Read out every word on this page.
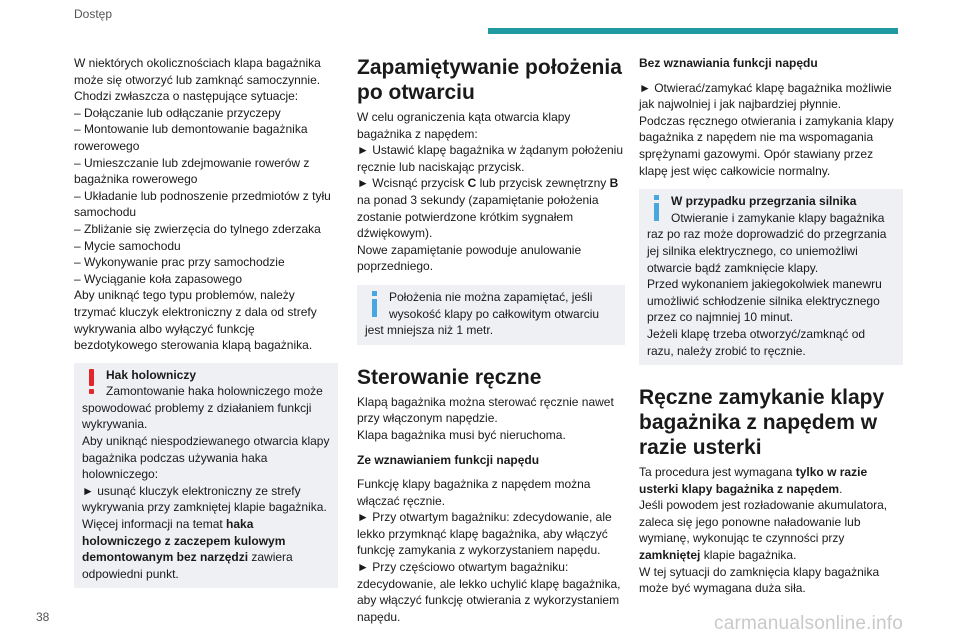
Dostęp

W niektórych okolicznościach klapa bagażnika może się otworzyć lub zamknąć samoczynnie. Chodzi zwłaszcza o następujące sytuacje:

– Dołączanie lub odłączanie przyczepy

– Montowanie lub demontowanie bagażnika rowerowego

– Umieszczanie lub zdejmowanie rowerów z bagażnika rowerowego

– Układanie lub podnoszenie przedmiotów z tyłu samochodu

– Zbliżanie się zwierzęcia do tylnego zderzaka

– Mycie samochodu

– Wykonywanie prac przy samochodzie

– Wyciąganie koła zapasowego

Aby uniknąć tego typu problemów, należy trzymać kluczyk elektroniczny z dala od strefy wykrywania albo wyłączyć funkcję bezdotykowego sterowania klapą bagażnika.

Hak holowniczy

Zamontowanie haka holowniczego może spowodować problemy z działaniem funkcji wykrywania.

Aby uniknąć niespodziewanego otwarcia klapy bagażnika podczas używania haka holowniczego:

► usunąć kluczyk elektroniczny ze strefy wykrywania przy zamkniętej klapie bagażnika.

Więcej informacji na temat haka holowniczego z zaczepem kulowym demontowanym bez narzędzi zawiera odpowiedni punkt.

Zapamiętywanie położenia po otwarciu

W celu ograniczenia kąta otwarcia klapy bagażnika z napędem:

► Ustawić klapę bagażnika w żądanym położeniu ręcznie lub naciskając przycisk.

► Wcisnąć przycisk C lub przycisk zewnętrzny B na ponad 3 sekundy (zapamiętanie położenia zostanie potwierdzone krótkim sygnałem dźwiękowym).

Nowe zapamiętanie powoduje anulowanie poprzedniego.

Położenia nie można zapamiętać, jeśli wysokość klapy po całkowitym otwarciu jest mniejsza niż 1 metr.

Sterowanie ręczne

Klapą bagażnika można sterować ręcznie nawet przy włączonym napędzie.

Klapa bagażnika musi być nieruchoma.

Ze wznawianiem funkcji napędu

Funkcję klapy bagażnika z napędem można włączać ręcznie.

► Przy otwartym bagażniku: zdecydowanie, ale lekko przymknąć klapę bagażnika, aby włączyć funkcję zamykania z wykorzystaniem napędu.

► Przy częściowo otwartym bagażniku: zdecydowanie, ale lekko uchylić klapę bagażnika, aby włączyć funkcję otwierania z wykorzystaniem napędu.

Bez wznawiania funkcji napędu

► Otwierać/zamykać klapę bagażnika możliwie jak najwolniej i jak najbardziej płynnie.

Podczas ręcznego otwierania i zamykania klapy bagażnika z napędem nie ma wspomagania sprężynami gazowymi. Opór stawiany przez klapę jest więc całkowicie normalny.

W przypadku przegrzania silnika

Otwieranie i zamykanie klapy bagażnika raz po raz może doprowadzić do przegrzania jej silnika elektrycznego, co uniemożliwi otwarcie bądź zamknięcie klapy.

Przed wykonaniem jakiegokolwiek manewru umożliwić schłodzenie silnika elektrycznego przez co najmniej 10 minut.

Jeżeli klapę trzeba otworzyć/zamknąć od razu, należy zrobić to ręcznie.

Ręczne zamykanie klapy bagażnika z napędem w razie usterki

Ta procedura jest wymagana tylko w razie usterki klapy bagażnika z napędem.

Jeśli powodem jest rozładowanie akumulatora, zaleca się jego ponowne naładowanie lub wymianę, wykonując te czynności przy zamkniętej klapie bagażnika.

W tej sytuacji do zamknięcia klapy bagażnika może być wymagana duża siła.

38	carmanualsonline.info
